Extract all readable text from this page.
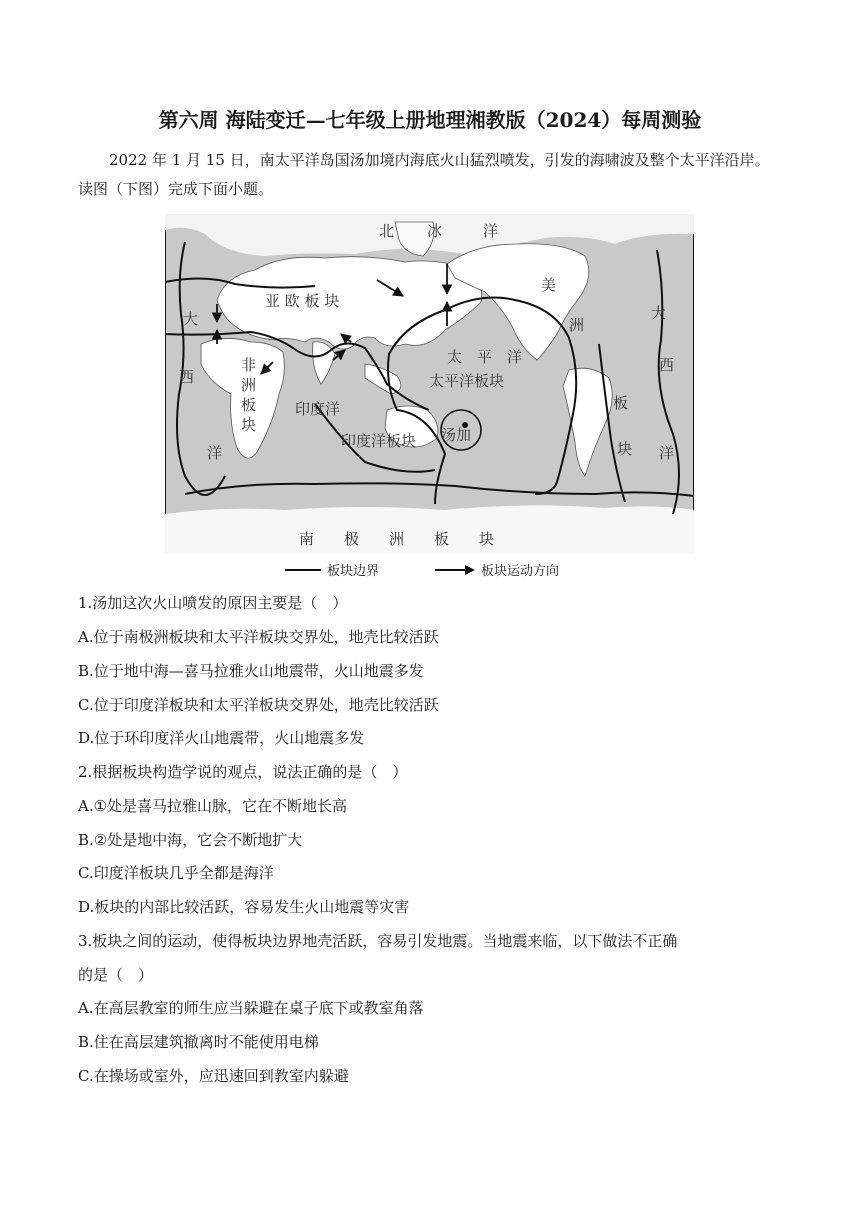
第六周 海陆变迁—七年级上册地理湘教版（2024）每周测验
2022 年 1 月 15 日，南太平洋岛国汤加境内海底火山猛烈喷发，引发的海啸波及整个太平洋沿岸。读图（下图）完成下面小题。
北 冰	洋
亚 欧 板 块
大
西
洋
非
洲
板
块
印度洋
印度洋板块 汤加
太　平　洋
太平洋板块
美
洲
板
块
大
西
洋
南　　极　　洲　　板　　块
板块边界	板块运动方向
1.汤加这次火山喷发的原因主要是（　）
A.位于南极洲板块和太平洋板块交界处，地壳比较活跃
B.位于地中海—喜马拉雅火山地震带，火山地震多发
C.位于印度洋板块和太平洋板块交界处，地壳比较活跃
D.位于环印度洋火山地震带，火山地震多发
2.根据板块构造学说的观点，说法正确的是（　）
A.①处是喜马拉雅山脉，它在不断地长高
B.②处是地中海，它会不断地扩大
C.印度洋板块几乎全都是海洋
D.板块的内部比较活跃，容易发生火山地震等灾害
3.板块之间的运动，使得板块边界地壳活跃，容易引发地震。当地震来临，以下做法不正确
的是（　）
A.在高层教室的师生应当躲避在桌子底下或教室角落
B.住在高层建筑撤离时不能使用电梯
C.在操场或室外，应迅速回到教室内躲避
